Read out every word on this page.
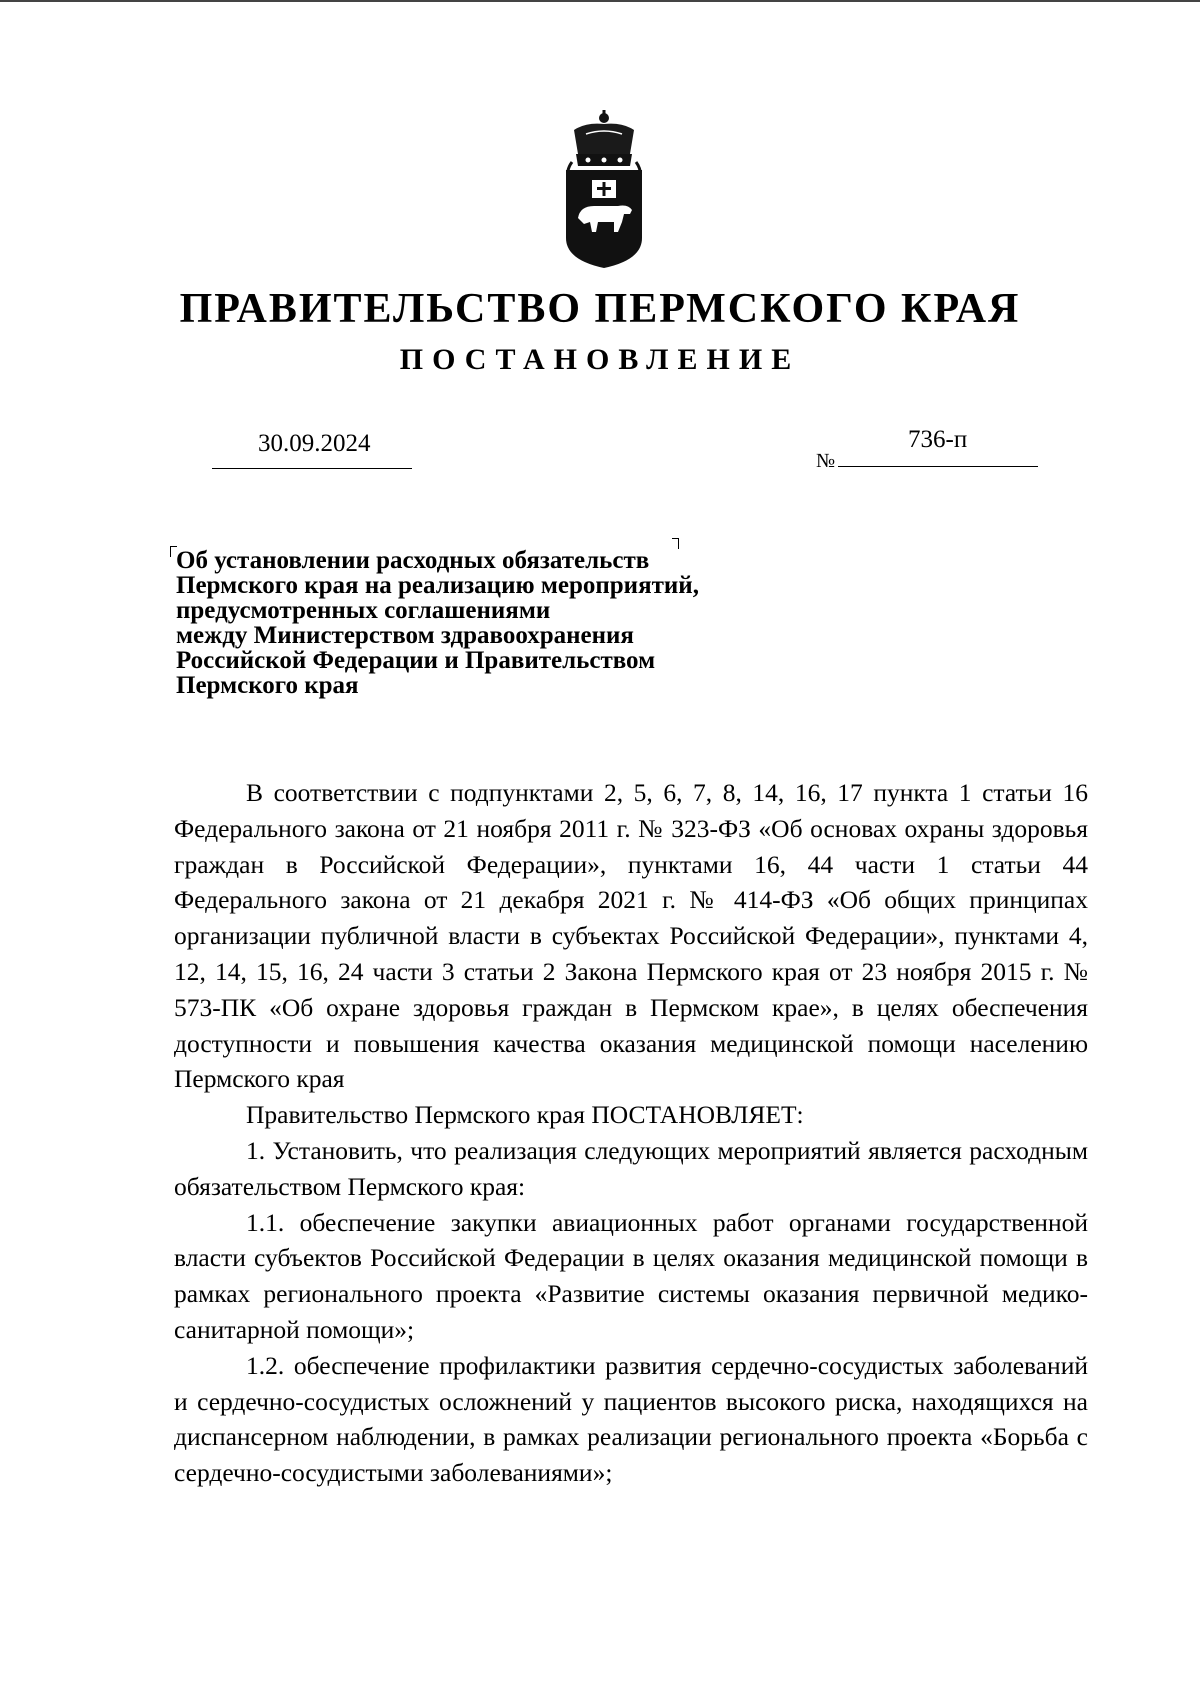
ПРАВИТЕЛЬСТВО ПЕРМСКОГО КРАЯ
ПОСТАНОВЛЕНИЕ
30.09.2024
№
736-п
Об установлении расходных обязательств
Пермского края на реализацию мероприятий,
предусмотренных соглашениями
между Министерством здравоохранения
Российской Федерации и Правительством
Пермского края

В соответствии с подпунктами 2, 5, 6, 7, 8, 14, 16, 17 пункта 1 статьи 16 Федерального закона от 21 ноября 2011 г. № 323-ФЗ «Об основах охраны здоровья граждан в Российской Федерации», пунктами 16, 44 части 1 статьи 44 Федерального закона от 21 декабря 2021 г. № 414-ФЗ «Об общих принципах организации публичной власти в субъектах Российской Федерации», пунктами 4, 12, 14, 15, 16, 24 части 3 статьи 2 Закона Пермского края от 23 ноября 2015 г. № 573-ПК «Об охране здоровья граждан в Пермском крае», в целях обеспечения доступности и повышения качества оказания медицинской помощи населению Пермского края

Правительство Пермского края ПОСТАНОВЛЯЕТ:

1. Установить, что реализация следующих мероприятий является расходным обязательством Пермского края:

1.1. обеспечение закупки авиационных работ органами государственной власти субъектов Российской Федерации в целях оказания медицинской помощи в рамках регионального проекта «Развитие системы оказания первичной медико-санитарной помощи»;

1.2. обеспечение профилактики развития сердечно-сосудистых заболеваний и сердечно-сосудистых осложнений у пациентов высокого риска, находящихся на диспансерном наблюдении, в рамках реализации регионального проекта «Борьба с сердечно-сосудистыми заболеваниями»;
